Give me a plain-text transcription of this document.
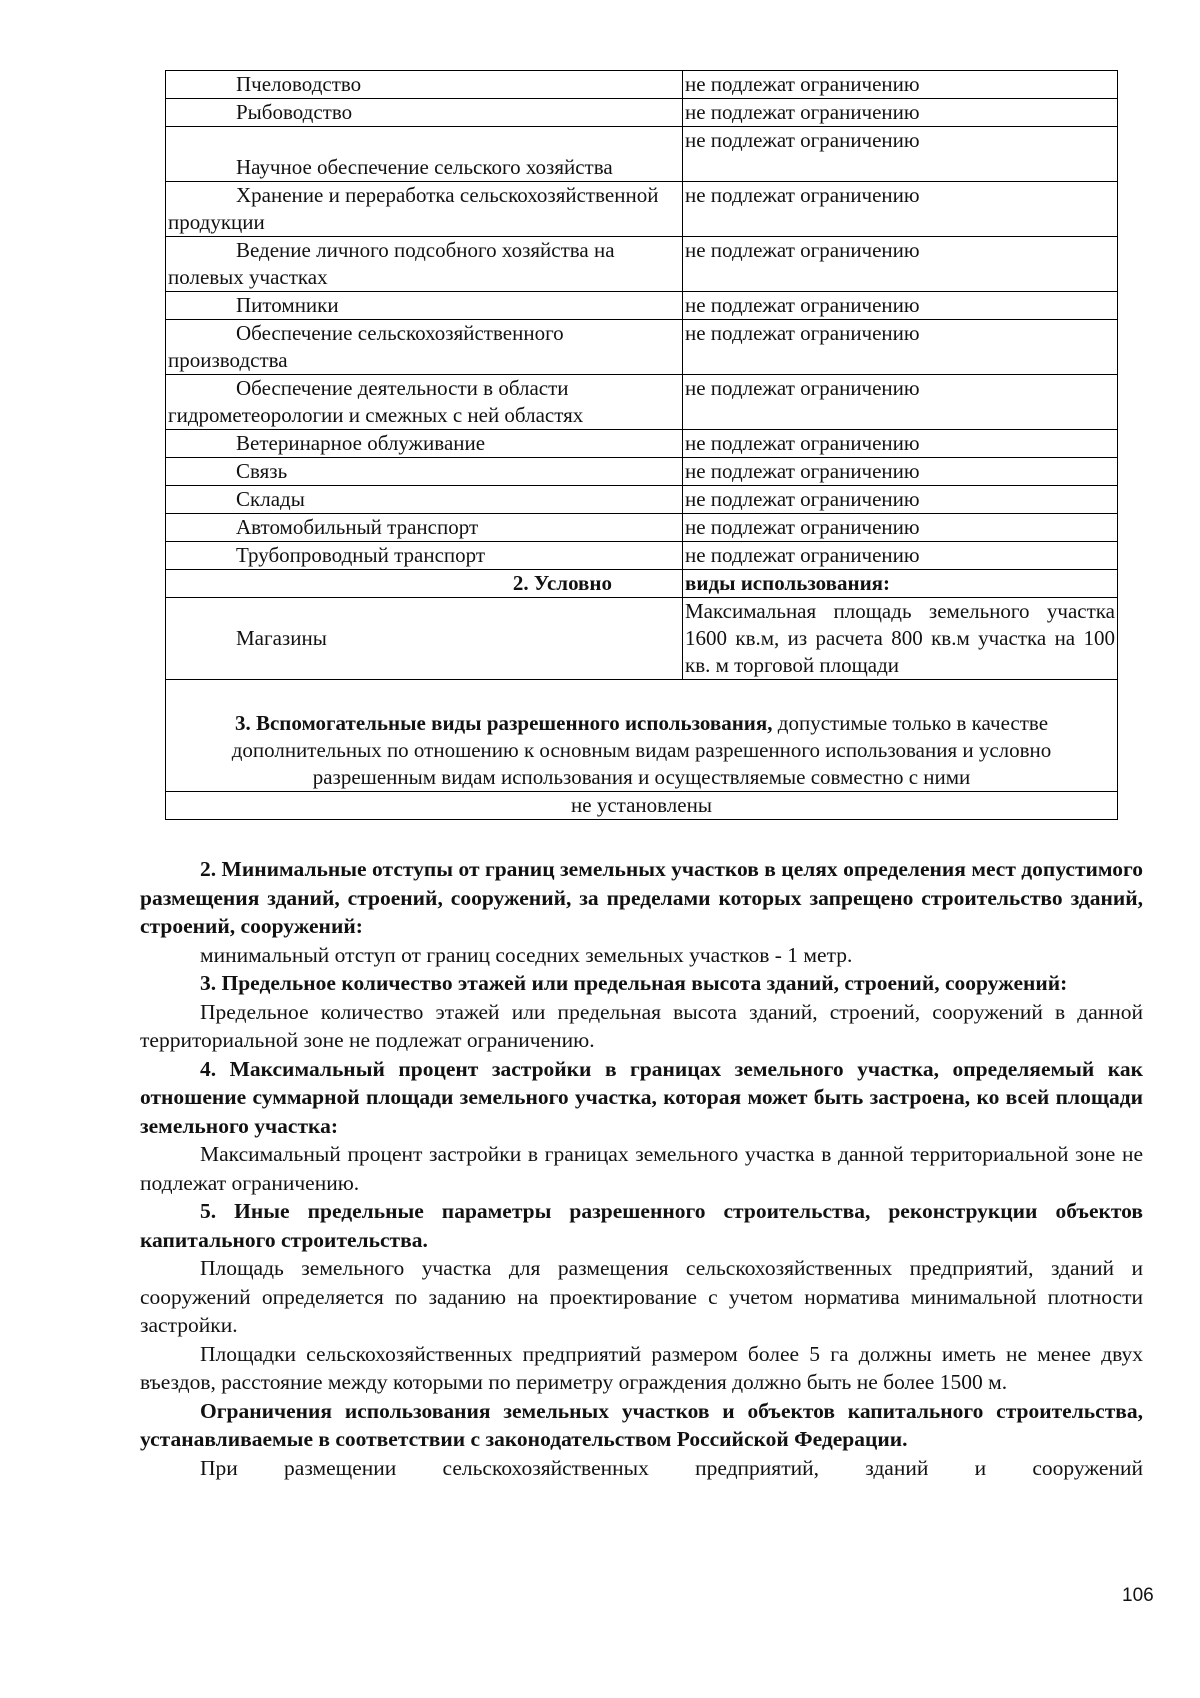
Пчеловодство	не подлежат ограничению
Рыбоводство	не подлежат ограничению
Научное обеспечение сельского хозяйства	не подлежат ограничению
Хранение и переработка сельскохозяйственной продукции	не подлежат ограничению
Ведение личного подсобного хозяйства на полевых участках	не подлежат ограничению
Питомники	не подлежат ограничению
Обеспечение сельскохозяйственного производства	не подлежат ограничению
Обеспечение деятельности в области гидрометеорологии и смежных с ней областях	не подлежат ограничению
Ветеринарное облуживание	не подлежат ограничению
Связь	не подлежат ограничению
Склады	не подлежат ограничению
Автомобильный транспорт	не подлежат ограничению
Трубопроводный транспорт	не подлежат ограничению
2. Условно	виды использования:
Магазины	Максимальная площадь земельного участка 1600 кв.м, из расчета 800 кв.м участка на 100 кв. м торговой площади
3. Вспомогательные виды разрешенного использования, допустимые только в качестве дополнительных по отношению к основным видам разрешенного использования и условно разрешенным видам использования и осуществляемые совместно с ними	
не установлены	

2. Минимальные отступы от границ земельных участков в целях определения мест допустимого размещения зданий, строений, сооружений, за пределами которых запрещено строительство зданий, строений, сооружений:

минимальный отступ от границ соседних земельных участков - 1 метр.

3. Предельное количество этажей или предельная высота зданий, строений, сооружений:

Предельное количество этажей или предельная высота зданий, строений, сооружений в данной территориальной зоне не подлежат ограничению.

4. Максимальный процент застройки в границах земельного участка, определяемый как отношение суммарной площади земельного участка, которая может быть застроена, ко всей площади земельного участка:

Максимальный процент застройки в границах земельного участка в данной территориальной зоне не подлежат ограничению.

5. Иные предельные параметры разрешенного строительства, реконструкции объектов капитального строительства.

Площадь земельного участка для размещения сельскохозяйственных предприятий, зданий и сооружений определяется по заданию на проектирование с учетом норматива минимальной плотности застройки.

Площадки сельскохозяйственных предприятий размером более 5 га должны иметь не менее двух въездов, расстояние между которыми по периметру ограждения должно быть не более 1500 м.

Ограничения использования земельных участков и объектов капитального строительства, устанавливаемые в соответствии с законодательством Российской Федерации.

При размещении сельскохозяйственных предприятий, зданий и сооружений

106
